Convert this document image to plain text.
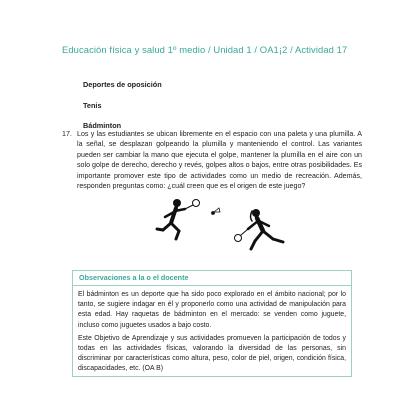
Educación física y salud 1º medio / Unidad 1 / OA1¡2 / Actividad 17
Deportes de oposición
Tenis
Bádminton
17. Los y las estudiantes se ubican libremente en el espacio con una paleta y una plumilla. A la señal, se desplazan golpeando la plumilla y manteniendo el control. Las variantes pueden ser cambiar la mano que ejecuta el golpe, mantener la plumilla en el aire con un solo golpe de derecho, derecho y revés, golpes altos o bajos, entre otras posibilidades. Es importante promover este tipo de actividades como un medio de recreación. Además, responden preguntas como: ¿cuál creen que es el origen de este juego?
Observaciones a la o el docente

El bádminton es un deporte que ha sido poco explorado en el ámbito nacional; por lo tanto, se sugiere indagar en él y proponerlo como una actividad de manipulación para esta edad. Hay raquetas de bádminton en el mercado: se venden como juguete, incluso como juguetes usados a bajo costo.

Este Objetivo de Aprendizaje y sus actividades promueven la participación de todos y todas en las actividades físicas, valorando la diversidad de las personas, sin discriminar por características como altura, peso, color de piel, origen, condición física, discapacidades, etc. (OA B)
